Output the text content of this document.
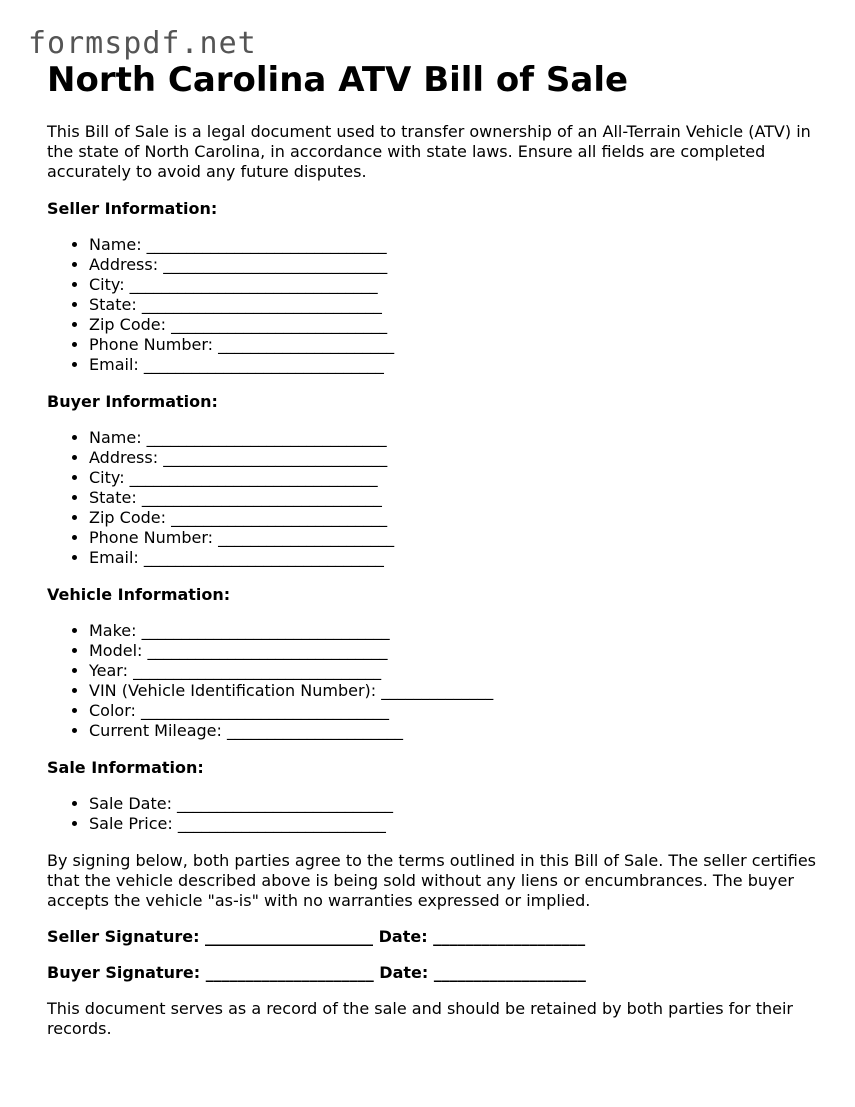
formspdf.net
North Carolina ATV Bill of Sale

This Bill of Sale is a legal document used to transfer ownership of an All-Terrain Vehicle (ATV) in the state of North Carolina, in accordance with state laws. Ensure all fields are completed accurately to avoid any future disputes.

Seller Information:
• Name: ______________________________
• Address: ____________________________
• City: _______________________________
• State: ______________________________
• Zip Code: ___________________________
• Phone Number: ______________________
• Email: ______________________________
Buyer Information:
• Name: ______________________________
• Address: ____________________________
• City: _______________________________
• State: ______________________________
• Zip Code: ___________________________
• Phone Number: ______________________
• Email: ______________________________
Vehicle Information:
• Make: _______________________________
• Model: ______________________________
• Year: _______________________________
• VIN (Vehicle Identification Number): ______________
• Color: _______________________________
• Current Mileage: ______________________
Sale Information:
• Sale Date: ___________________________
• Sale Price: __________________________

By signing below, both parties agree to the terms outlined in this Bill of Sale. The seller certifies that the vehicle described above is being sold without any liens or encumbrances. The buyer accepts the vehicle "as-is" with no warranties expressed or implied.

Seller Signature: _____________________ Date: ___________________
Buyer Signature: _____________________ Date: ___________________

This document serves as a record of the sale and should be retained by both parties for their records.
